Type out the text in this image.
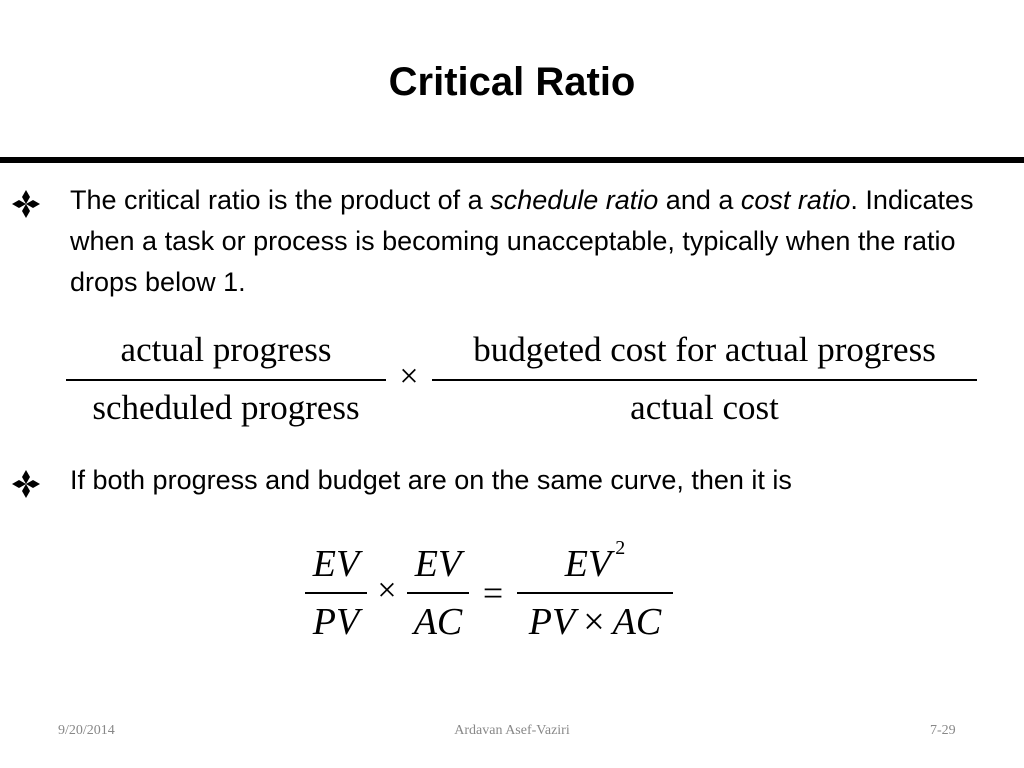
Critical Ratio
The critical ratio is the product of a schedule ratio and a cost ratio. Indicates when a task or process is becoming unacceptable, typically when the ratio drops below 1.
actual progress
scheduled progress
×
budgeted cost for actual progress
actual cost
If both progress and budget are on the same curve, then it is
EV
PV
×
EV
AC
=
EV $^2$
PV × AC
9/20/2014	Ardavan Asef-Vaziri	7-29
